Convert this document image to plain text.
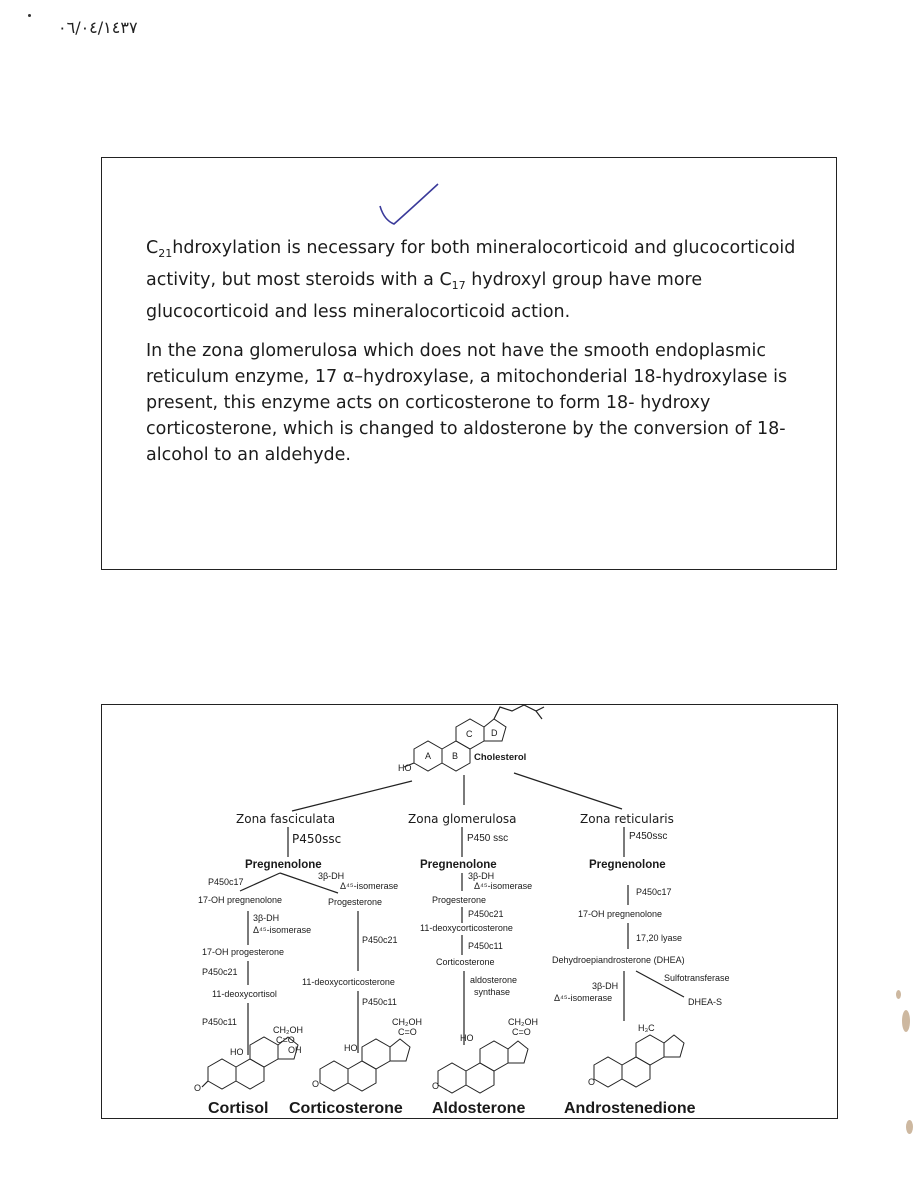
٠٦/٠٤/١٤٣٧
$C_{21}hdroxylation$ is necessary for both mineralocorticoid and glucocorticoid activity, but most steroids with a $C_{17}$ hydroxyl group have more glucocorticoid and less mineralocorticoid action.
In the zona glomerulosa which does not have the smooth endoplasmic reticulum enzyme, 17 α–hydroxylase, a mitochonderial 18-hydroxylase is present, this enzyme acts on corticosterone to form 18- hydroxy corticosterone, which is changed to aldosterone by the conversion of 18-alcohol to an aldehyde.
HO
A B
C D
Cholesterol
Zona fasciculata	Zona glomerulosa	Zona reticularis
P450ssc	P450 ssc	P450ssc
Pregnenolone	Pregnenolone	Pregnenolone
P450c17
3β-DH
Δ⁴⁵-isomerase
17-OH pregnenolone	Progesterone
3β-DH
Δ⁴⁵-isomerase
17-OH progesterone
P450c21
P450c21
11-deoxycorticosterone
11-deoxycortisol
P450c11
P450c11
3β-DH
Δ⁴⁵-isomerase
Progesterone
P450c21
11-deoxycorticosterone
P450c11
Corticosterone
aldosterone
synthase
P450c17
17-OH pregnenolone
17,20 lyase
Dehydroepiandrosterone (DHEA)
Sulfotransferase
DHEA-S
3β-DH
Δ⁴⁵-isomerase
CH₂OH
C=O
OH
HO
O
CH₂OH
C=O
HO
O
CH₂OH
C=O
HO
O
H₃C
O
Cortisol Corticosterone Aldosterone Androstenedione
